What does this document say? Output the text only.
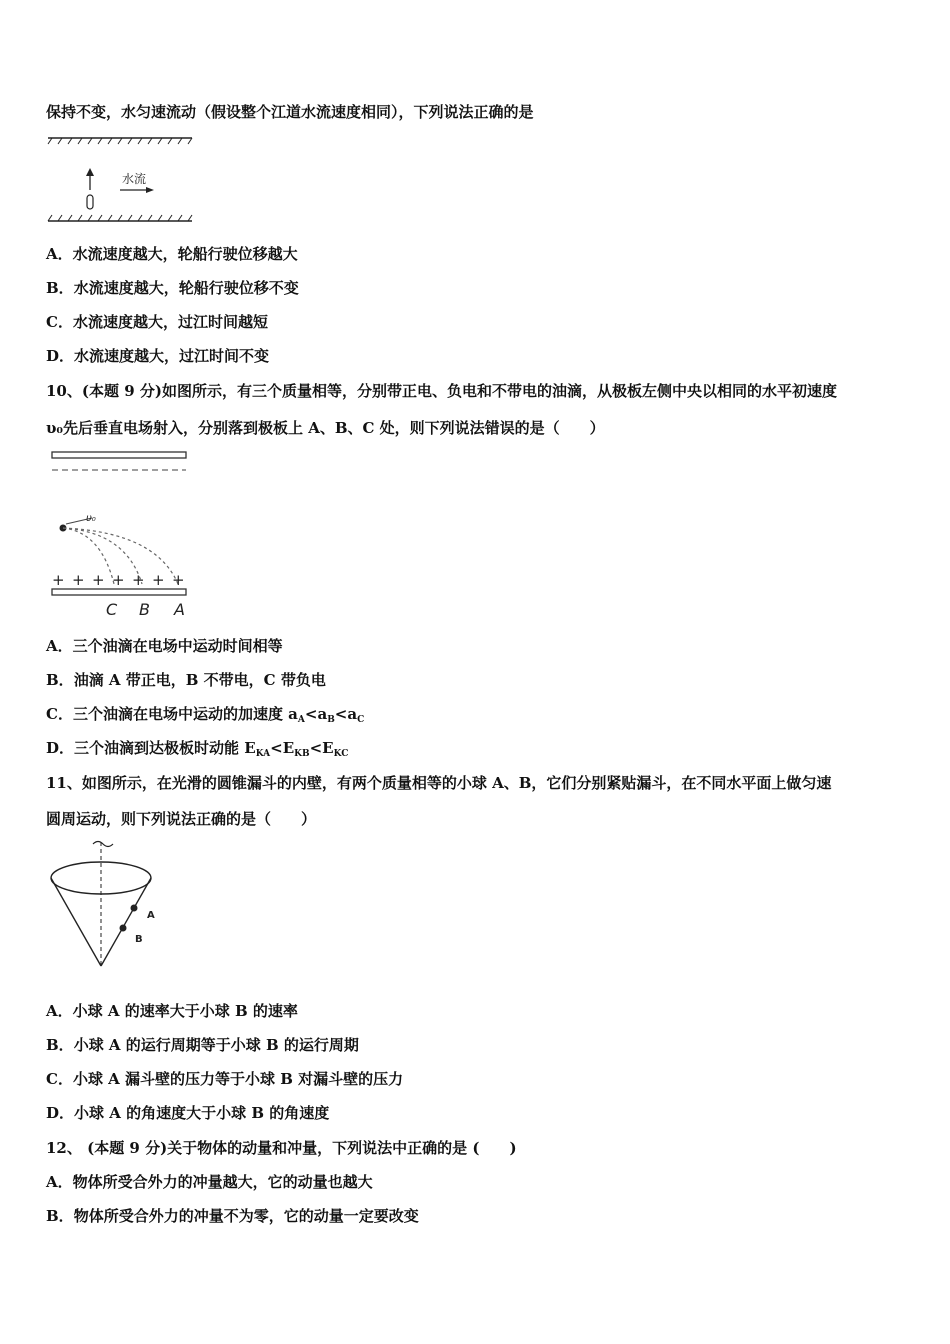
保持不变，水匀速流动（假设整个江道水流速度相同），下列说法正确的是
水流
A．水流速度越大，轮船行驶位移越大
B．水流速度越大，轮船行驶位移不变
C．水流速度越大，过江时间越短
D．水流速度越大，过江时间不变
10、(本题 9 分)如图所示，有三个质量相等，分别带正电、负电和不带电的油滴，从极板左侧中央以相同的水平初速度
υ₀先后垂直电场射入，分别落到极板上 A、B、C 处，则下列说法错误的是（　　）
υ₀
+ + + + + + +
C B A
A．三个油滴在电场中运动时间相等
B．油滴 A 带正电，B 不带电，C 带负电
C．三个油滴在电场中运动的加速度 $a_A<a_B<a_C$
D．三个油滴到达极板时动能 $E_{KA}<E_{KB}<E_{KC}$
11、如图所示，在光滑的圆锥漏斗的内壁，有两个质量相等的小球 A、B，它们分别紧贴漏斗，在不同水平面上做匀速
圆周运动，则下列说法正确的是（　　）
A
B
A．小球 A 的速率大于小球 B 的速率
B．小球 A 的运行周期等于小球 B 的运行周期
C．小球 A 漏斗壁的压力等于小球 B 对漏斗壁的压力
D．小球 A 的角速度大于小球 B 的角速度
12、 (本题 9 分)关于物体的动量和冲量，下列说法中正确的是 (　　)
A．物体所受合外力的冲量越大，它的动量也越大
B．物体所受合外力的冲量不为零，它的动量一定要改变
